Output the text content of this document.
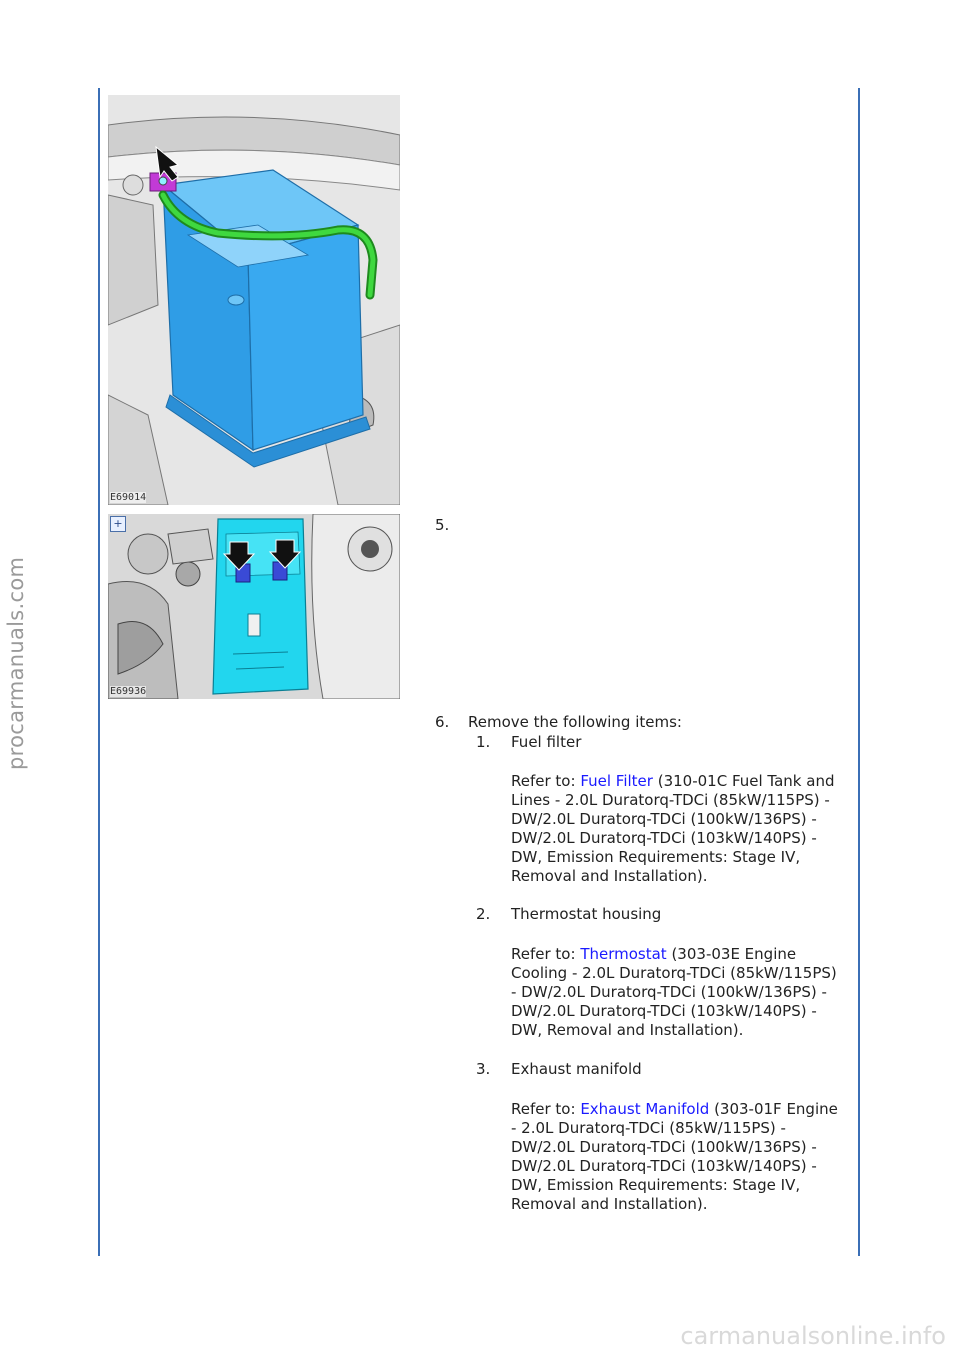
procarmanuals.com
carmanualsonline.info
E69014
+
E69936
5.
6. Remove the following items:
1.	Fuel filter
Refer to: Fuel Filter (310-01C Fuel Tank and Lines - 2.0L Duratorq-TDCi (85kW/115PS) - DW/2.0L Duratorq-TDCi (100kW/136PS) - DW/2.0L Duratorq-TDCi (103kW/140PS) - DW, Emission Requirements: Stage IV, Removal and Installation).
2.	Thermostat housing
Refer to: Thermostat (303-03E Engine Cooling - 2.0L Duratorq-TDCi (85kW/115PS) - DW/2.0L Duratorq-TDCi (100kW/136PS) - DW/2.0L Duratorq-TDCi (103kW/140PS) - DW, Removal and Installation).
3.	Exhaust manifold
Refer to: Exhaust Manifold (303-01F Engine - 2.0L Duratorq-TDCi (85kW/115PS) - DW/2.0L Duratorq-TDCi (100kW/136PS) - DW/2.0L Duratorq-TDCi (103kW/140PS) - DW, Emission Requirements: Stage IV, Removal and Installation).
